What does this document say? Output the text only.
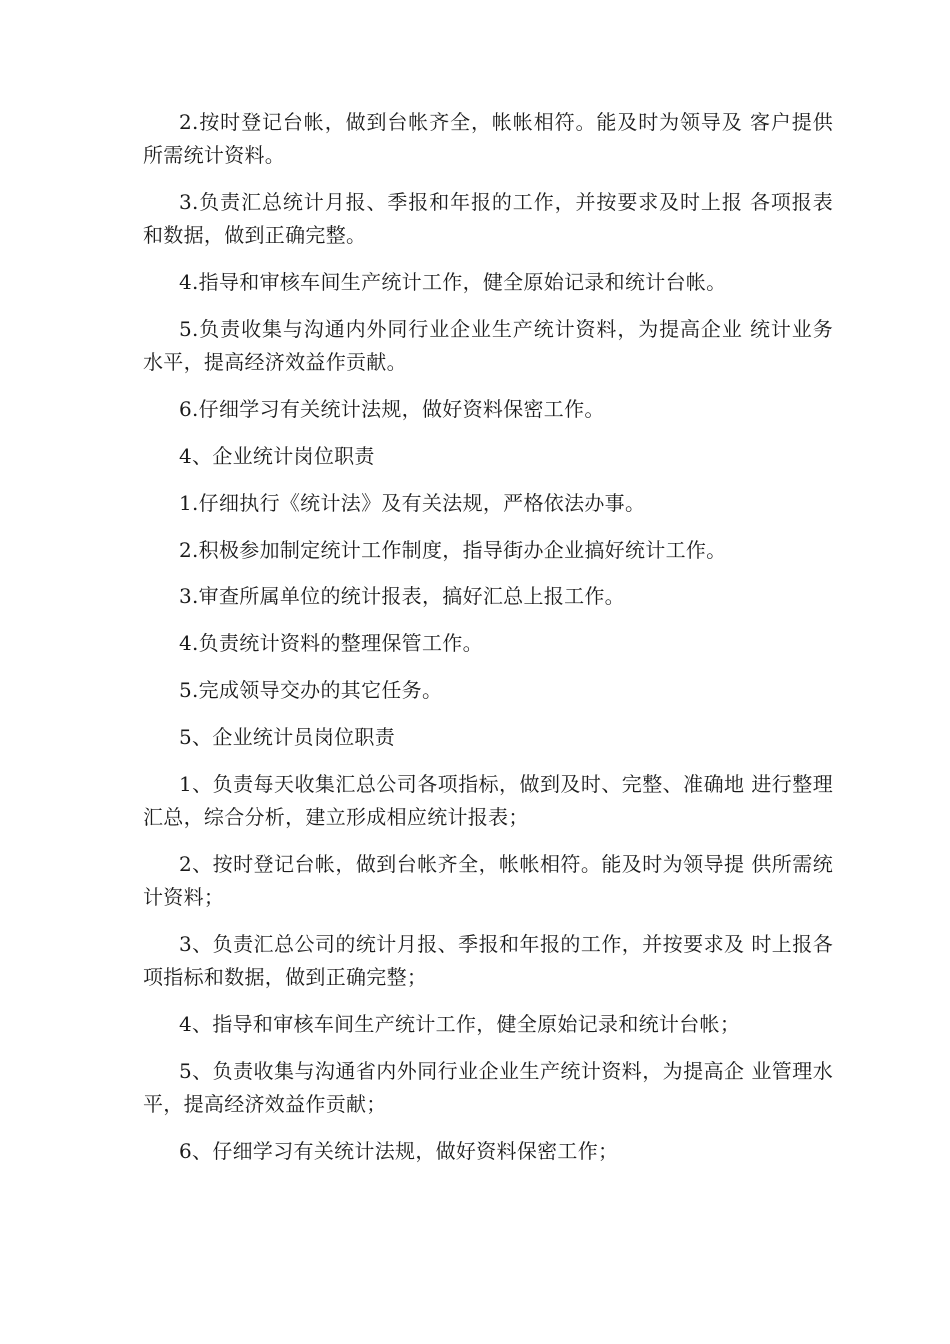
2.按时登记台帐，做到台帐齐全，帐帐相符。能及时为领导及 客户提供所需统计资料。

3.负责汇总统计月报、季报和年报的工作，并按要求及时上报 各项报表和数据，做到正确完整。

4.指导和审核车间生产统计工作，健全原始记录和统计台帐。

5.负责收集与沟通内外同行业企业生产统计资料，为提高企业 统计业务水平，提高经济效益作贡献。

6.仔细学习有关统计法规，做好资料保密工作。

4、企业统计岗位职责

1.仔细执行《统计法》及有关法规，严格依法办事。

2.积极参加制定统计工作制度，指导街办企业搞好统计工作。

3.审查所属单位的统计报表，搞好汇总上报工作。

4.负责统计资料的整理保管工作。

5.完成领导交办的其它任务。

5、企业统计员岗位职责

1、负责每天收集汇总公司各项指标，做到及时、完整、准确地 进行整理汇总，综合分析，建立形成相应统计报表；

2、按时登记台帐，做到台帐齐全，帐帐相符。能及时为领导提 供所需统计资料；

3、负责汇总公司的统计月报、季报和年报的工作，并按要求及 时上报各项指标和数据，做到正确完整；

4、指导和审核车间生产统计工作，健全原始记录和统计台帐；

5、负责收集与沟通省内外同行业企业生产统计资料，为提高企 业管理水平，提高经济效益作贡献；

6、仔细学习有关统计法规，做好资料保密工作；
